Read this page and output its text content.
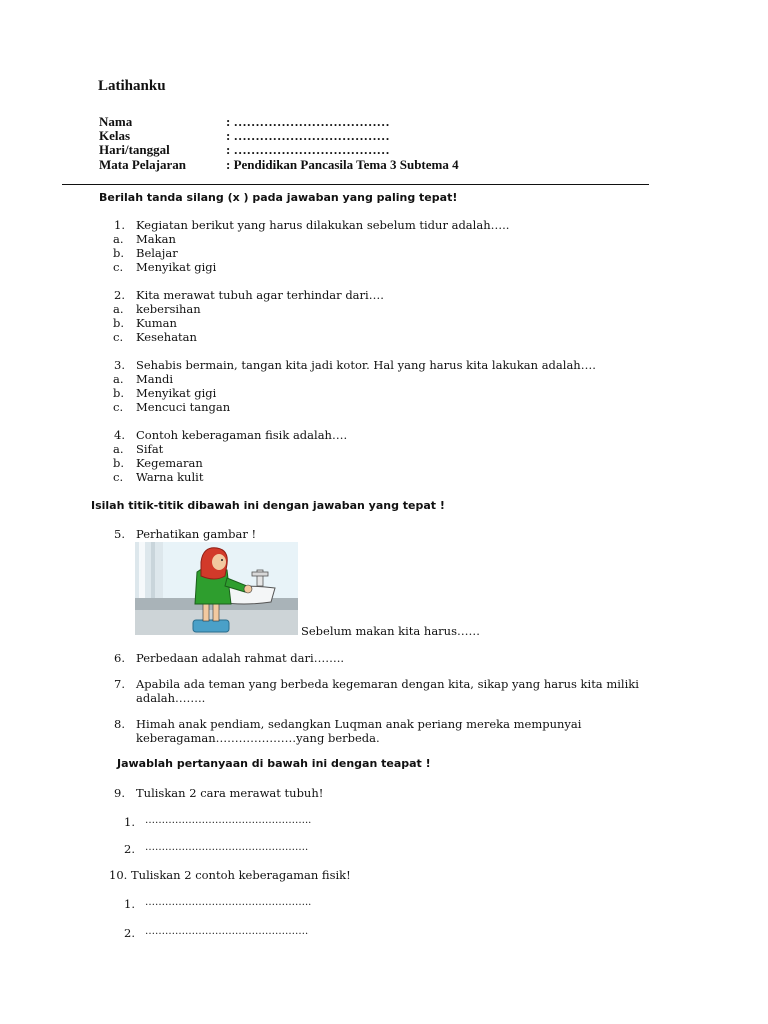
Latihanku
Nama	: ………………………………
Kelas	: ………………………………
Hari/tanggal	: ………………………………
Mata Pelajaran	: Pendidikan Pancasila Tema 3 Subtema 4
Berilah tanda silang (x ) pada jawaban yang paling tepat!
1. Kegiatan berikut yang harus dilakukan sebelum tidur adalah…..
a. Makan
b. Belajar
c. Menyikat gigi
2. Kita merawat tubuh agar terhindar dari….
a. kebersihan
b. Kuman
c. Kesehatan
3. Sehabis bermain, tangan kita jadi kotor. Hal yang harus kita lakukan adalah….
a. Mandi
b. Menyikat gigi
c. Mencuci tangan
4. Contoh keberagaman fisik adalah….
a. Sifat
b. Kegemaran
c. Warna kulit
Isilah titik-titik dibawah ini dengan jawaban yang tepat !
5. Perhatikan gambar !
Sebelum makan kita harus……
6. Perbedaan adalah rahmat dari……..
7. Apabila ada teman yang berbeda kegemaran dengan kita, sikap yang harus kita miliki
adalah……..
8. Himah anak pendiam, sedangkan Luqman anak periang mereka mempunyai
keberagaman…………………yang berbeda.
Jawablah pertanyaan di bawah ini dengan teapat !
9. Tuliskan 2 cara merawat tubuh!
1. …………………………………………..
2. ………………………………………….
10. Tuliskan 2 contoh keberagaman fisik!
1. …………………………………………..
2. ………………………………………….
